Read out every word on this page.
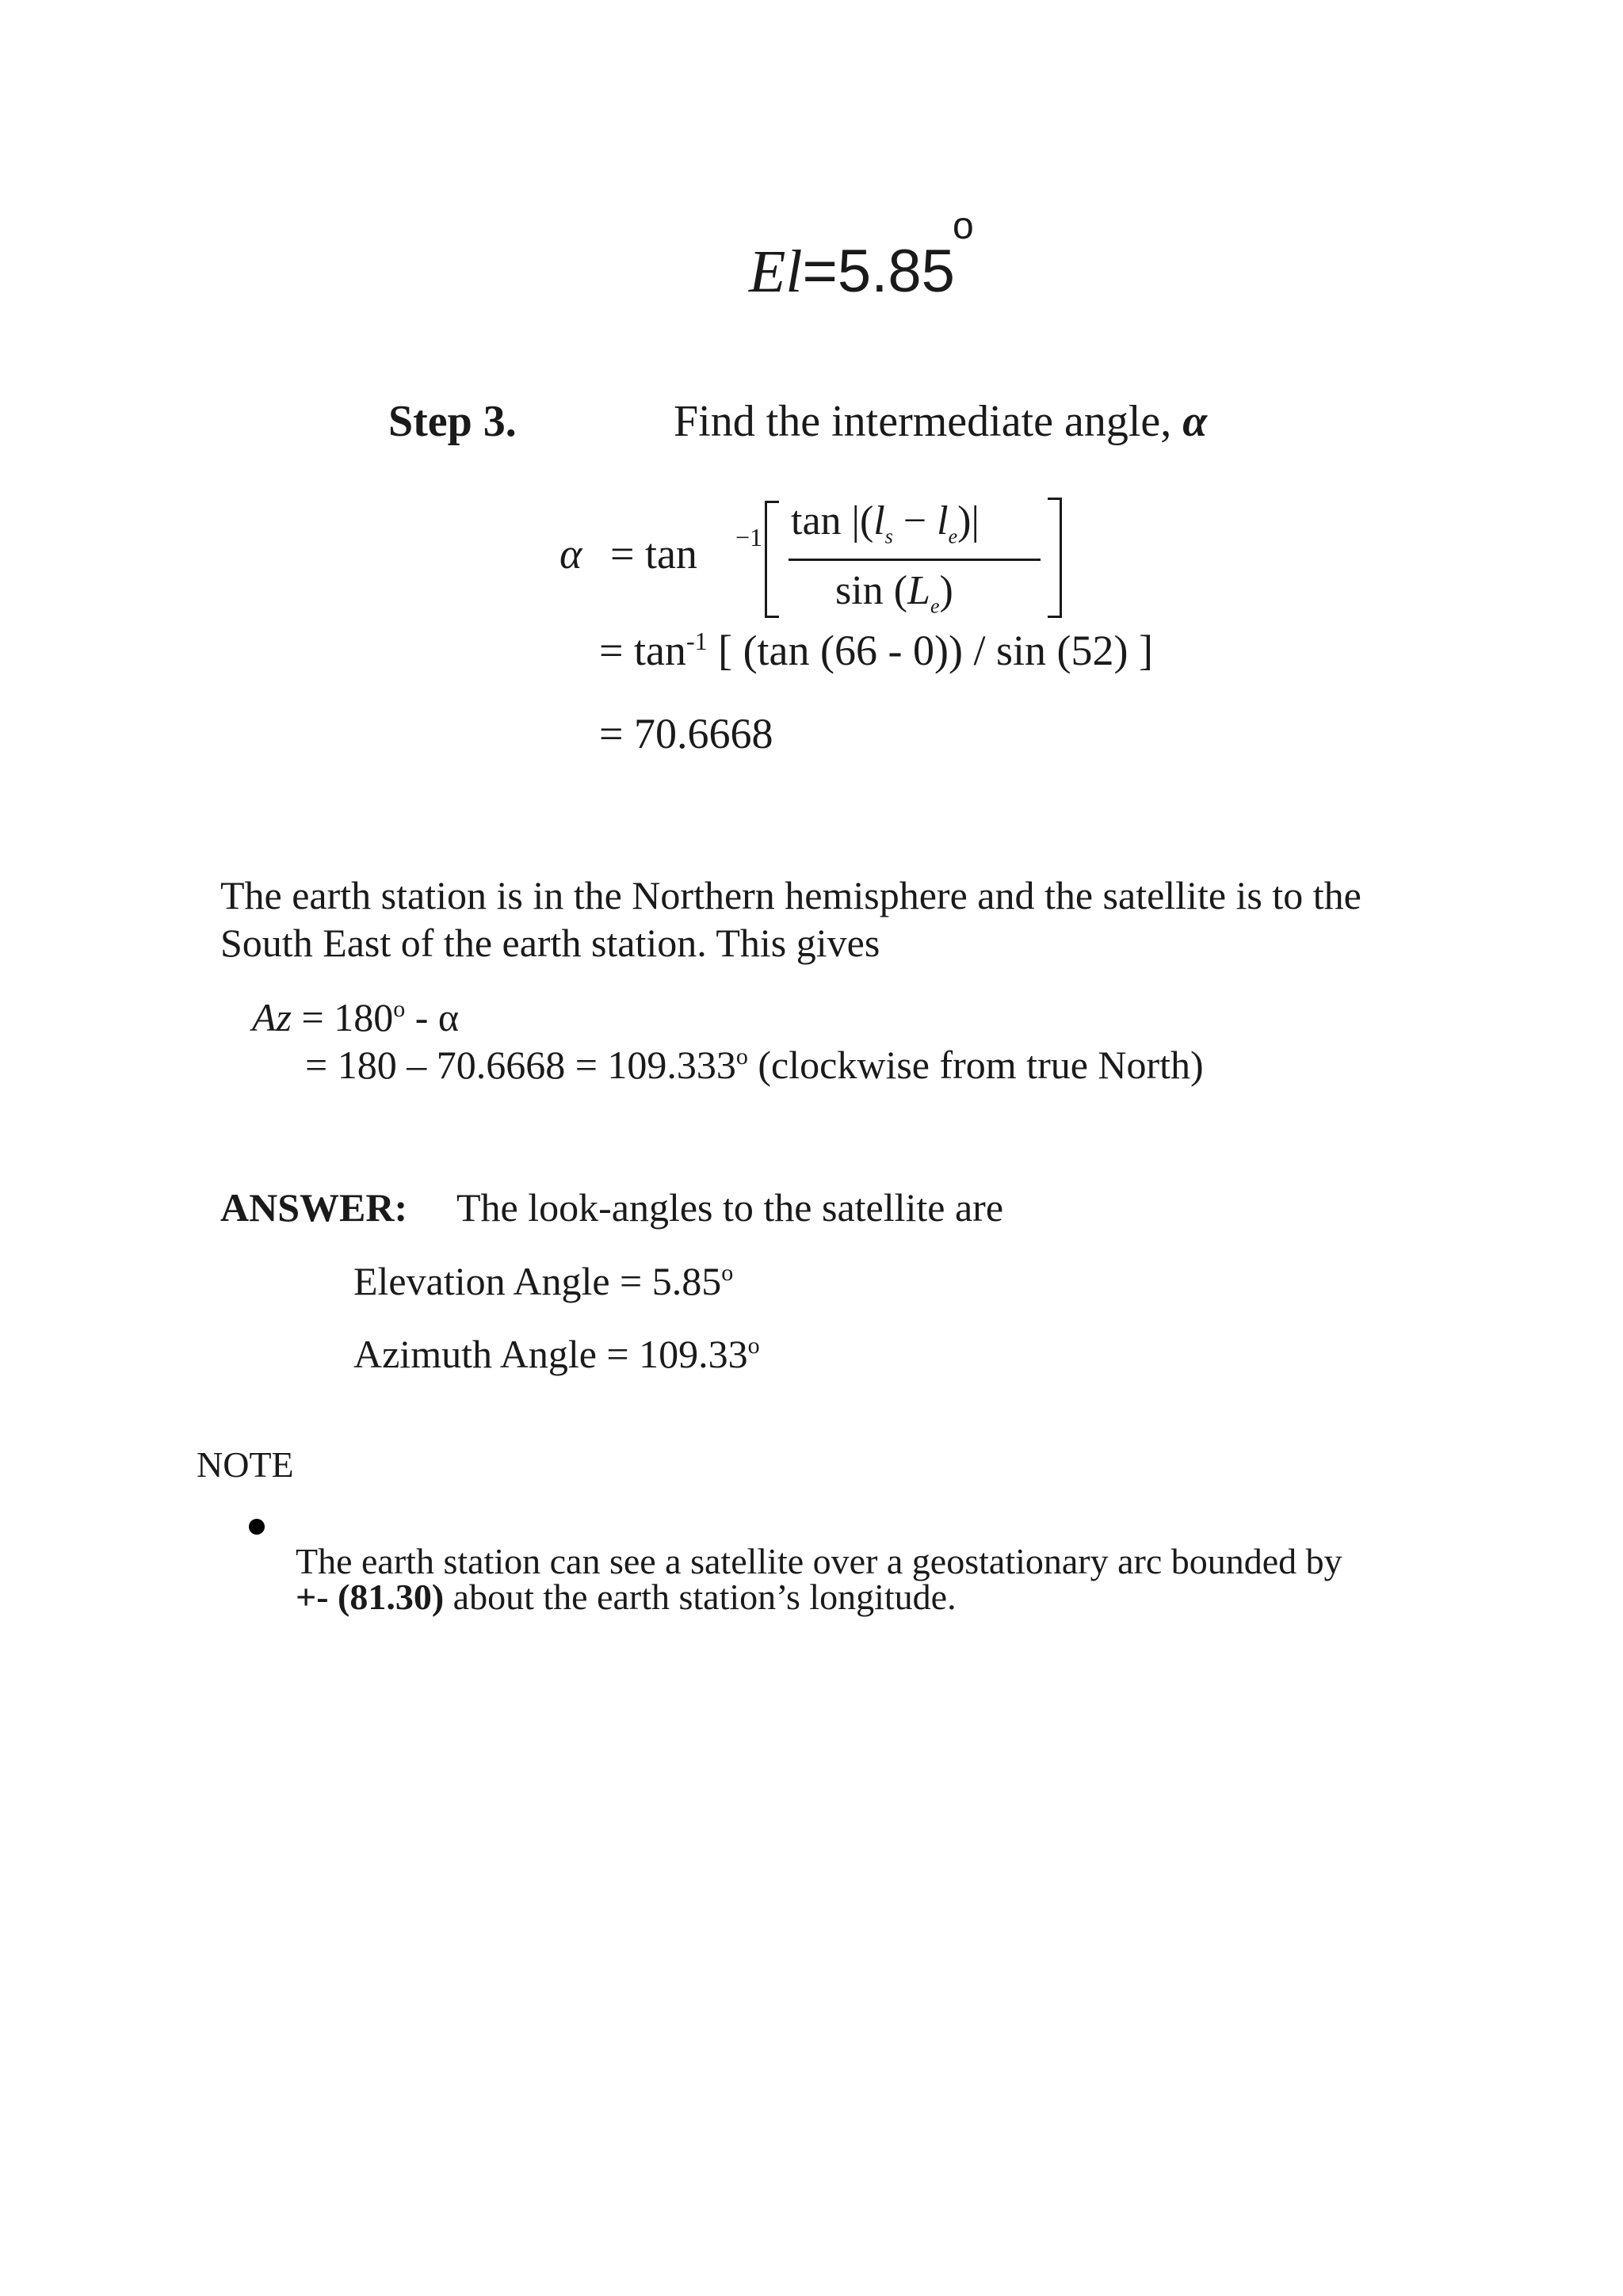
El=5.85
o
Step 3.	Find the intermediate angle, α
α = tan −1 $\tan |(l_s - l_e)|$
$\sin (L_e)$
= $\tan^{-1}$ [ (tan (66 - 0)) / sin (52) ]
= 70.6668
The earth station is in the Northern hemisphere and the satellite is to the South East of the earth station. This gives
$Az = 180^o - \alpha$
= $180 - 70.6668 = 109.333^o$ (clockwise from true North)
ANSWER: The look-angles to the satellite are
Elevation Angle = $5.85^o$
Azimuth Angle = $109.33^o$
NOTE
The earth station can see a satellite over a geostationary arc bounded by
+- (81.30) about the earth station’s longitude.
